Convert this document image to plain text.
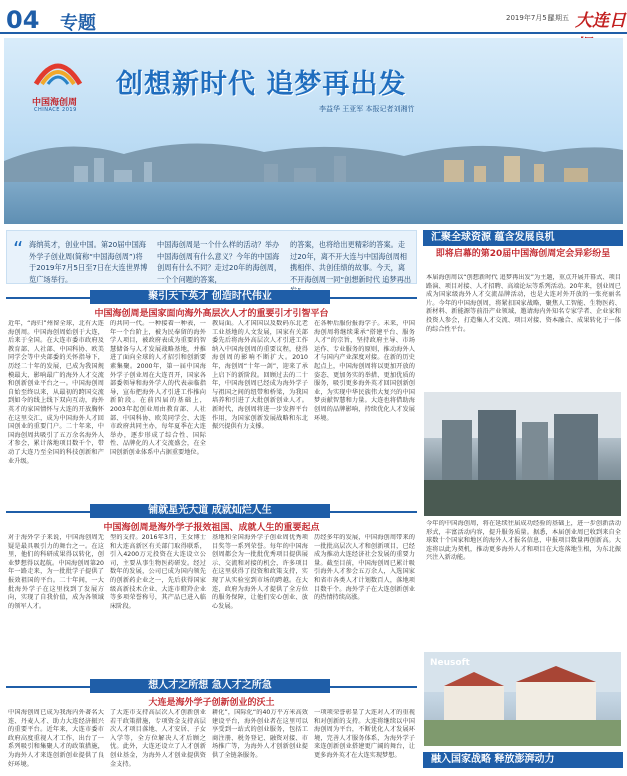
04 专题	2019年7月5日
星期五 大连日
中国海创周
CHINACE 2019
创想新时代 追梦再出发
李益华 王亚军 本报记者刘湘竹
“ 海纳英才，创业中国。第20届中国海外学子创业周(简称“中国海创周”)将于2019年7月5日至7日在大连世界博览广场举行。
中国海创周是一个什么样的活动？举办中国海创周有什么意义？今年的中国海创周有什么不同？走过20年的海创周，一个个问题的答案，
的答案，也将给出更精彩的答案。走过20年，离不开大连与中国海创周相携相伴、共创佳绩的故事。今天，离不开海创周一同“创想新时代 追梦再出
聚引天下英才 创造时代伟业
中国海创周是国家面向海外高层次人才的重要引才引智平台
近年，“海归”州留全球，北有大连海创周。中国海创周始创于大连，后来于全国。在大连市委市政府及教育部、人社部、中国科协、欧美同学会等中央部委的关怀指导下，历经二十年的发展，已成为我国规模最大、影响最广的海外人才交流和创新创业平台之一。中国海创周自始至终以来，从最初的跨国交流到如今的线上线下双向互动，海外英才的家国情怀与大连的开放胸怀在这里交汇，成为中国海外人才回国创业的重要门户。二十年来，中国海创周共吸引了五万余名海外人才参会，累计落地项目数千个，带动了大连乃至全国的科技创新和产业升级。
的共同一代。一种接着一种表，一年一个台阶上，被为民奉留的海外学人项目，被政府表成为重要的智慧储备与人才发展战略基地，并推进了面向全球的人才招引和创新要素集聚。2000年，第一届中国海外学子创业周在大连召开，国家各部委领导和海外学人的代表亲临指导，宣布把海外人才引进工作推向新阶段。在前四届的基础上，2003年起创业周由教育部、人社部、中国科协、欧美同学会、大连市政府共同主办，每年夏季在大连举办，逐步形成了综合性、国际性、品牌化的人才交流盛会，在全国创新创业体系中占据重要地位。
教局面。人才国国以及数码东北老工业基地的人文发展，国家有关部委先后将海外高层次人才引进工作纳入中国海创周的重要议程，使得海创周的影响不断扩大。2010年，海创周“十年一剑”，迎来了承上启下的新阶段。回顾过去的二十年，中国海创周已经成为海外学子与祖国之间的纽带和桥梁，为我国培养和引进了大批创新创业人才。新时代，海创周将进一步发挥平台作用，为国家创新发展战略和东北振兴提供有力支撑。
在各种后服份报海学子。未来，中国海创周将继续秉承“搭建平台、服务人才”的宗旨，坚持政府主导、市场运作、专业服务的原则，推动海外人才与国内产业深度对接。在新的历史起点上，中国海创周将以更加开放的姿态、更加务实的举措、更加优质的服务，吸引更多海外英才回国创新创业，为实现中华民族伟大复兴的中国梦贡献智慧和力量。大连也将借助海创周的品牌影响，持续优化人才发展环境。
铺就星光大道 成就灿烂人生
中国海创周是海外学子报效祖国、成就人生的重要起点
对于海外学子来说，中国海创周无疑是最具吸引力的舞台之一。在这里，他们的科研成果得以转化，创业梦想得以起航。中国海创周第20年一路走来，为一批批学子提供了报效祖国的平台。二十年间，一大批海外学子在这里找到了发展方向，实现了自我价值，成为各领域的领军人才。
型的支持。2016年3月，王女博士和大连高新区有关部门取得联系，引入4200万元投资在大连设立公司，主要从事生物医药研发。经过数年的发展，公司已成为国内领先的创新药企业之一，先后获得国家级高新技术企业、大连市瞪羚企业等多项荣誉称号，其产品已进入临床阶段。
基地和全国海外学子创业周优秀项目奖等一系列荣誉。每年的中国海创周都会为一批批优秀项目提供展示、交流和对接的机会，许多项目在这里获得了投资和政策支持，实现了从实验室到市场的跨越。在大连，政府为海外人才提供了全方位的服务保障，让他们安心创业、放心发展。
历经多年的发展，中国海创周带来的一批批高层次人才和创新项目，已经成为推动大连经济社会发展的重要力量。截至目前，中国海创周已累计吸引海外人才参会五万余人，入选国家和省市各类人才计划数百人，落地项目数千个。海外学子在大连创新创业的热情持续高涨。
想人才之所想 急人才之所急
大连是海外学子创新创业的沃土
中国海创周已成为我海内外著名大连、丹麦人才、助力大连经济振兴的重要平台。近年来，大连市委市政府高度重视人才工作，出台了一系列吸引和集聚人才的政策措施，为海外人才来连创新创业提供了良好环境。
了大连市支持高层次人才创新创业若干政策措施，专项资金支持高层次人才项目落地、人才安居、子女入学等，全方位解决人才后顾之忧。此外，大连还设立了人才创新创业基金，为海外人才创业提供资金支持。
耕化”，国际化“的40万平方米高效建设平台，海外创业者在这里可以享受到一站式的创业服务，包括工商注册、税务登记、融资对接、市场推广等，为海外人才创新创业提供了全链条服务。
一项项荣誉彰显了大连对人才的重视和对创新的支持。大连将继续以中国海创周为平台，不断优化人才发展环境，完善人才服务体系，为海外学子来连创新创业搭建更广阔的舞台，让更多海外英才在大连实现梦想。
汇聚全球资源 蕴含发展良机
即将启幕的第20届中国海创周定会异彩纷呈
本届海创周以“创想新时代 追梦再出发”为主题，重点开展开幕式、项目路演、项目对接、人才招聘、高端论坛等系列活动。20年来，创业周已成为国家级海外人才交流品牌活动，也是大连对外开放的一张亮丽名片。今年的中国海创周，将紧扣国家战略，聚焦人工智能、生物医药、新材料、新能源等前沿产业领域，邀请海内外知名专家学者、企业家和投资人参会，打造集人才交流、项目对接、资本融合、成果转化于一体的综合性平台。
今年的中国海创周，将在延续往届成功经验的基础上，进一步创新活动形式，丰富活动内容，提升服务质量。据悉，本届创业周已收到来自全球数十个国家和地区的海外人才报名信息，申报项目数量再创新高。大连将以此为契机，推动更多海外人才和项目在大连落地生根，为东北振兴注入新动能。
Neusoft
融入国家战略 释放澎湃动力
